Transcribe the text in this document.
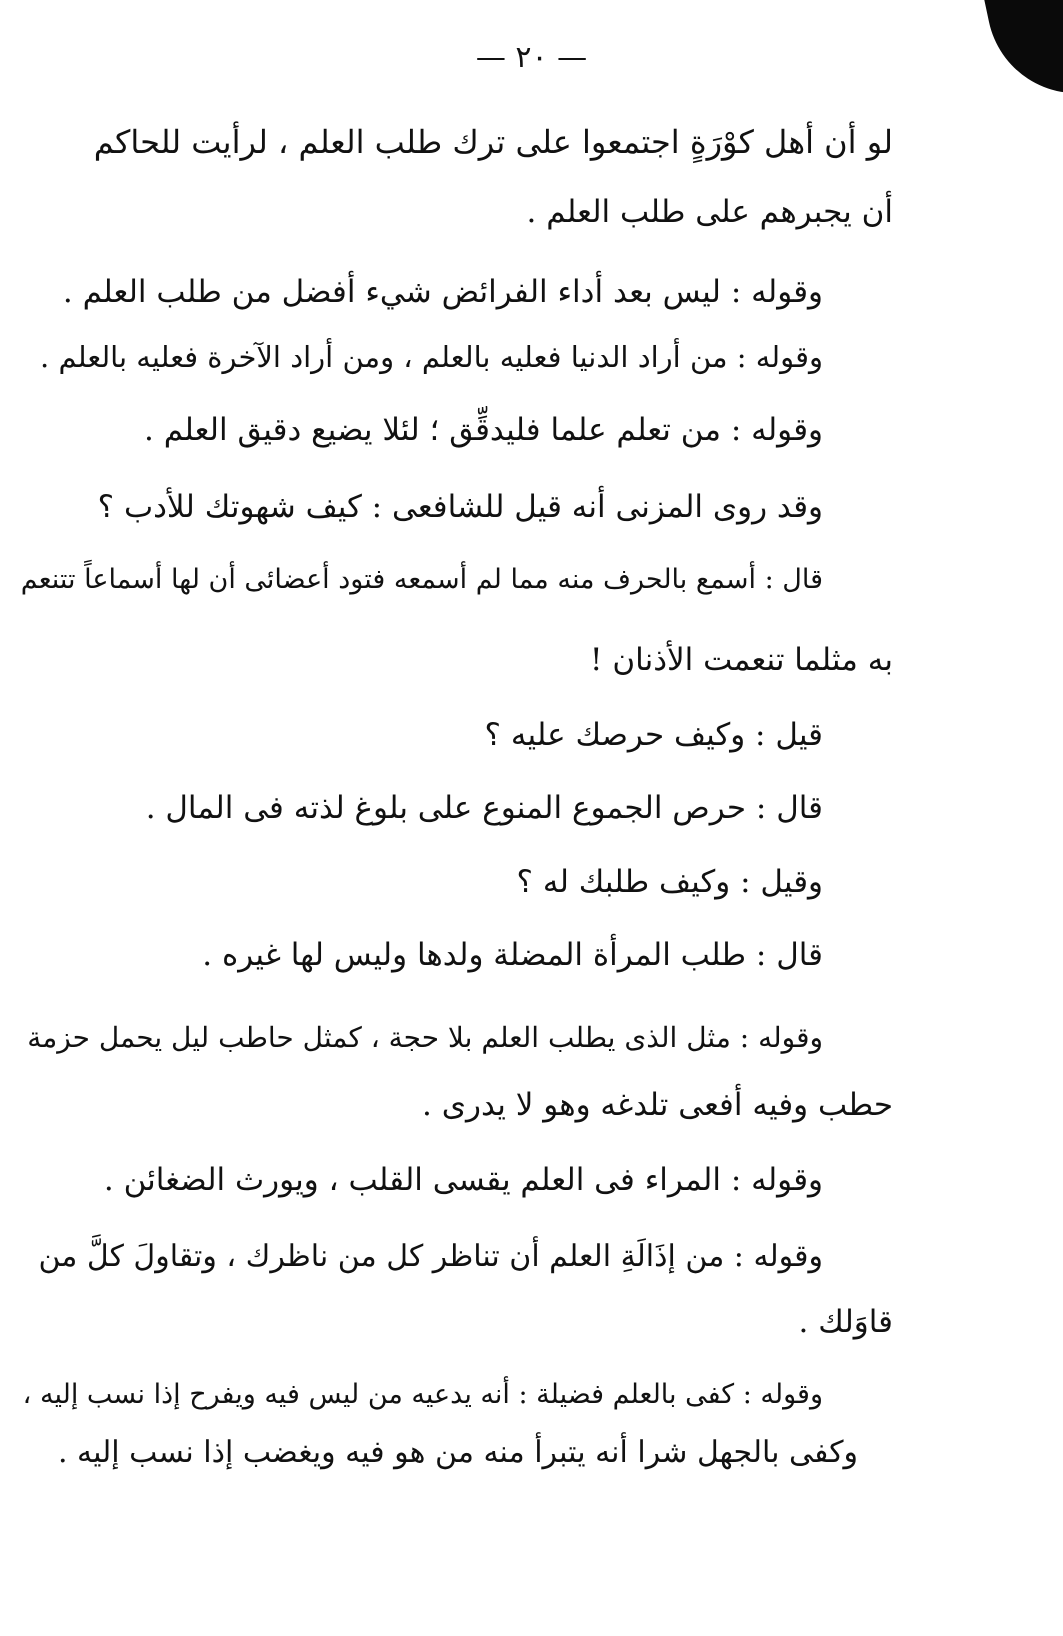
— ٢٠ —
لو أن أهل كوْرَةٍ اجتمعوا على ترك طلب العلم ، لرأيت للحاكم
أن يجبرهم على طلب العلم .
وقوله : ليس بعد أداء الفرائض شيء أفضل من طلب العلم .
وقوله : من أراد الدنيا فعليه بالعلم ، ومن أراد الآخرة فعليه بالعلم .
وقوله : من تعلم علما فليدقِّق ؛ لئلا يضيع دقيق العلم .
وقد روى المزنى أنه قيل للشافعى : كيف شهوتك للأدب ؟
قال : أسمع بالحرف منه مما لم أسمعه فتود أعضائى أن لها أسماعاً تتنعم
به مثلما تنعمت الأذنان !
قيل : وكيف حرصك عليه ؟
قال : حرص الجموع المنوع على بلوغ لذته فى المال .
وقيل : وكيف طلبك له ؟
قال : طلب المرأة المضلة ولدها وليس لها غيره .
وقوله : مثل الذى يطلب العلم بلا حجة ، كمثل حاطب ليل يحمل حزمة
حطب وفيه أفعى تلدغه وهو لا يدرى .
وقوله : المراء فى العلم يقسى القلب ، ويورث الضغائن .
وقوله : من إذَالَةِ العلم أن تناظر كل من ناظرك ، وتقاولَ كلَّ من
قاوَلك .
وقوله : كفى بالعلم فضيلة : أنه يدعيه من ليس فيه ويفرح إذا نسب إليه ،
وكفى بالجهل شرا أنه يتبرأ منه من هو فيه ويغضب إذا نسب إليه .
